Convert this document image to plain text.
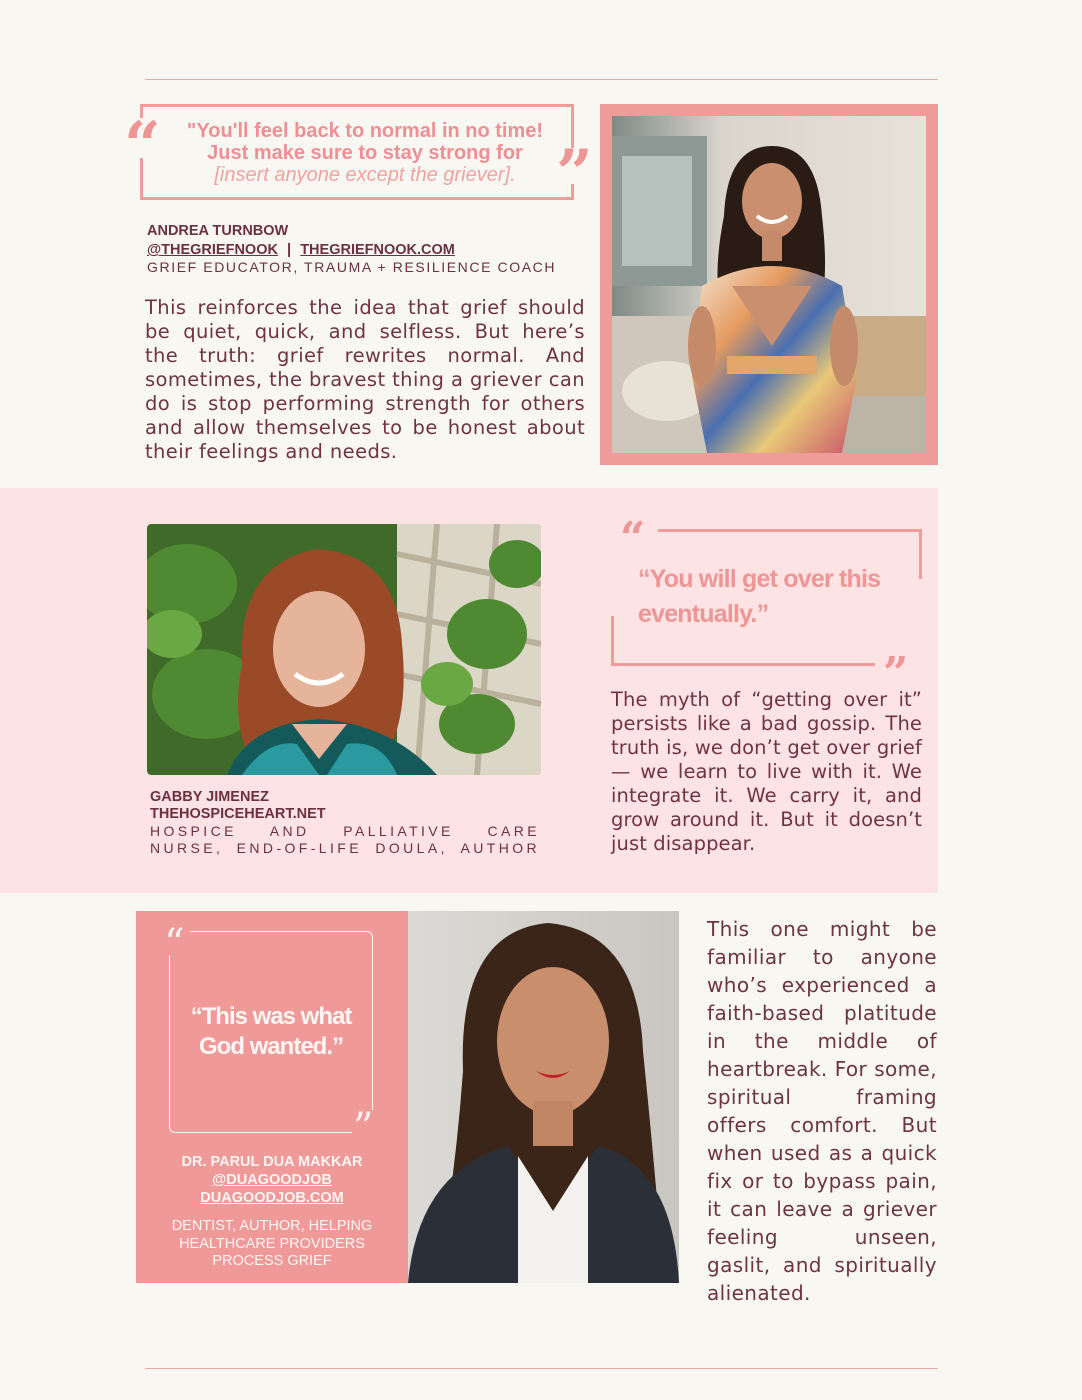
“	”
"You'll feel back to normal in no time!
Just make sure to stay strong for
[insert anyone except the griever].
ANDREA TURNBOW
@THEGRIEFNOOK | THEGRIEFNOOK.COM
GRIEF EDUCATOR, TRAUMA + RESILIENCE COACH
This reinforces the idea that grief should be quiet, quick, and selfless. But here’s the truth: grief rewrites normal. And sometimes, the bravest thing a griever can do is stop performing strength for others and allow themselves to be honest about their feelings and needs.
GABBY JIMENEZ
THEHOSPICEHEART.NET
HOSPICE AND PALLIATIVE CARE NURSE, END-OF-LIFE DOULA, AUTHOR
“
”
“You will get over this eventually.”
The myth of “getting over it” persists like a bad gossip. The truth is, we don’t get over grief — we learn to live with it. We integrate it. We carry it, and grow around it. But it doesn’t just disappear.
“
”
“This was what God wanted.”
DR. PARUL DUA MAKKAR
@DUAGOODJOB
DUAGOODJOB.COM
DENTIST, AUTHOR, HELPING HEALTHCARE PROVIDERS PROCESS GRIEF
This one might be familiar to anyone who’s experienced a faith-based platitude in the middle of heartbreak. For some, spiritual framing offers comfort. But when used as a quick fix or to bypass pain, it can leave a griever feeling unseen, gaslit, and spiritually alienated.
